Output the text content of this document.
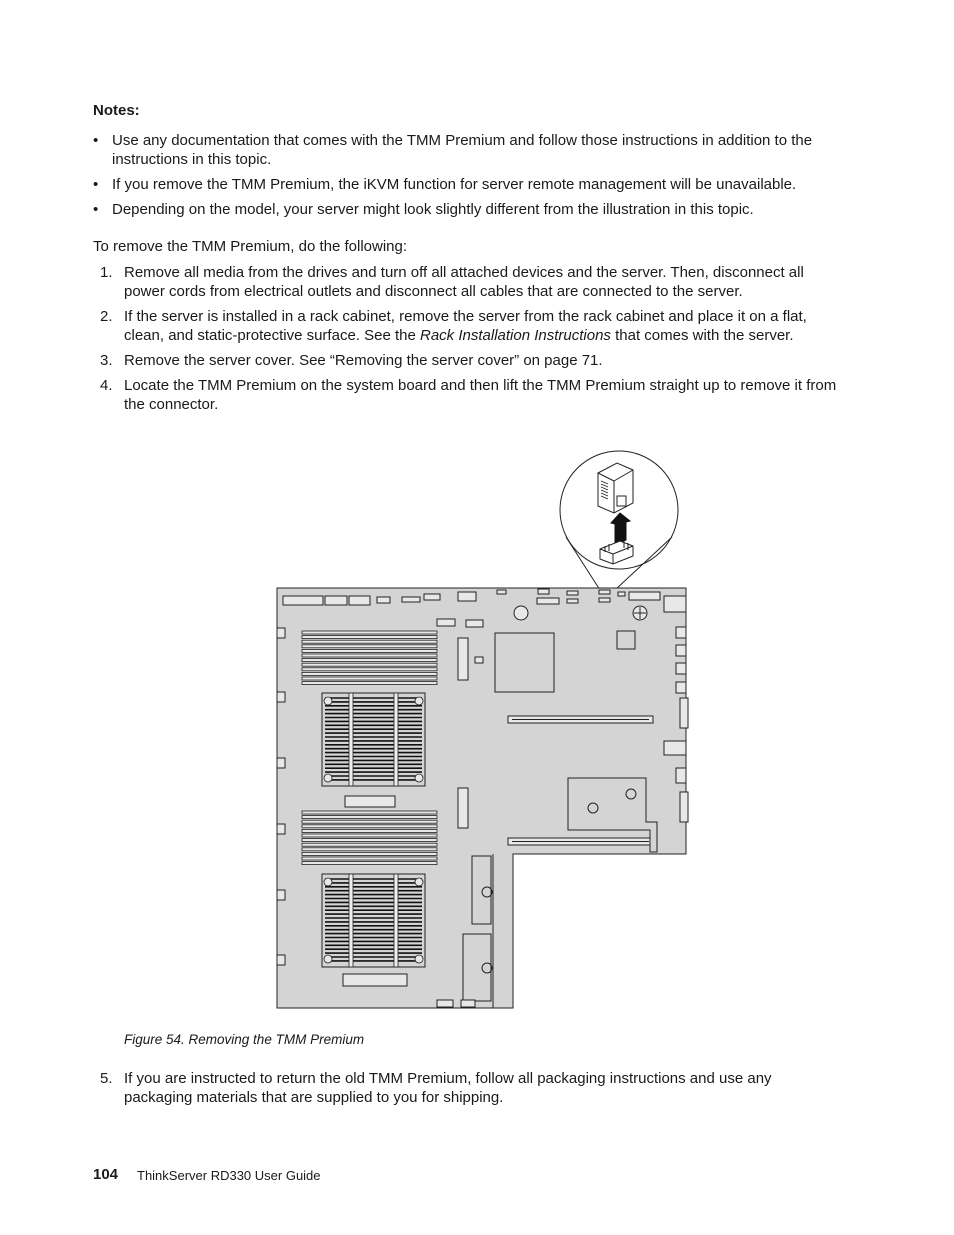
Notes:
• Use any documentation that comes with the TMM Premium and follow those instructions in addition to the instructions in this topic.
• If you remove the TMM Premium, the iKVM function for server remote management will be unavailable.
• Depending on the model, your server might look slightly different from the illustration in this topic.
To remove the TMM Premium, do the following:
1. Remove all media from the drives and turn off all attached devices and the server. Then, disconnect all power cords from electrical outlets and disconnect all cables that are connected to the server.
2. If the server is installed in a rack cabinet, remove the server from the rack cabinet and place it on a flat, clean, and static-protective surface. See the Rack Installation Instructions that comes with the server.
3. Remove the server cover. See “Removing the server cover” on page 71.
4. Locate the TMM Premium on the system board and then lift the TMM Premium straight up to remove it from the connector.
Figure 54. Removing the TMM Premium
5. If you are instructed to return the old TMM Premium, follow all packaging instructions and use any packaging materials that are supplied to you for shipping.
104 ThinkServer RD330 User Guide
